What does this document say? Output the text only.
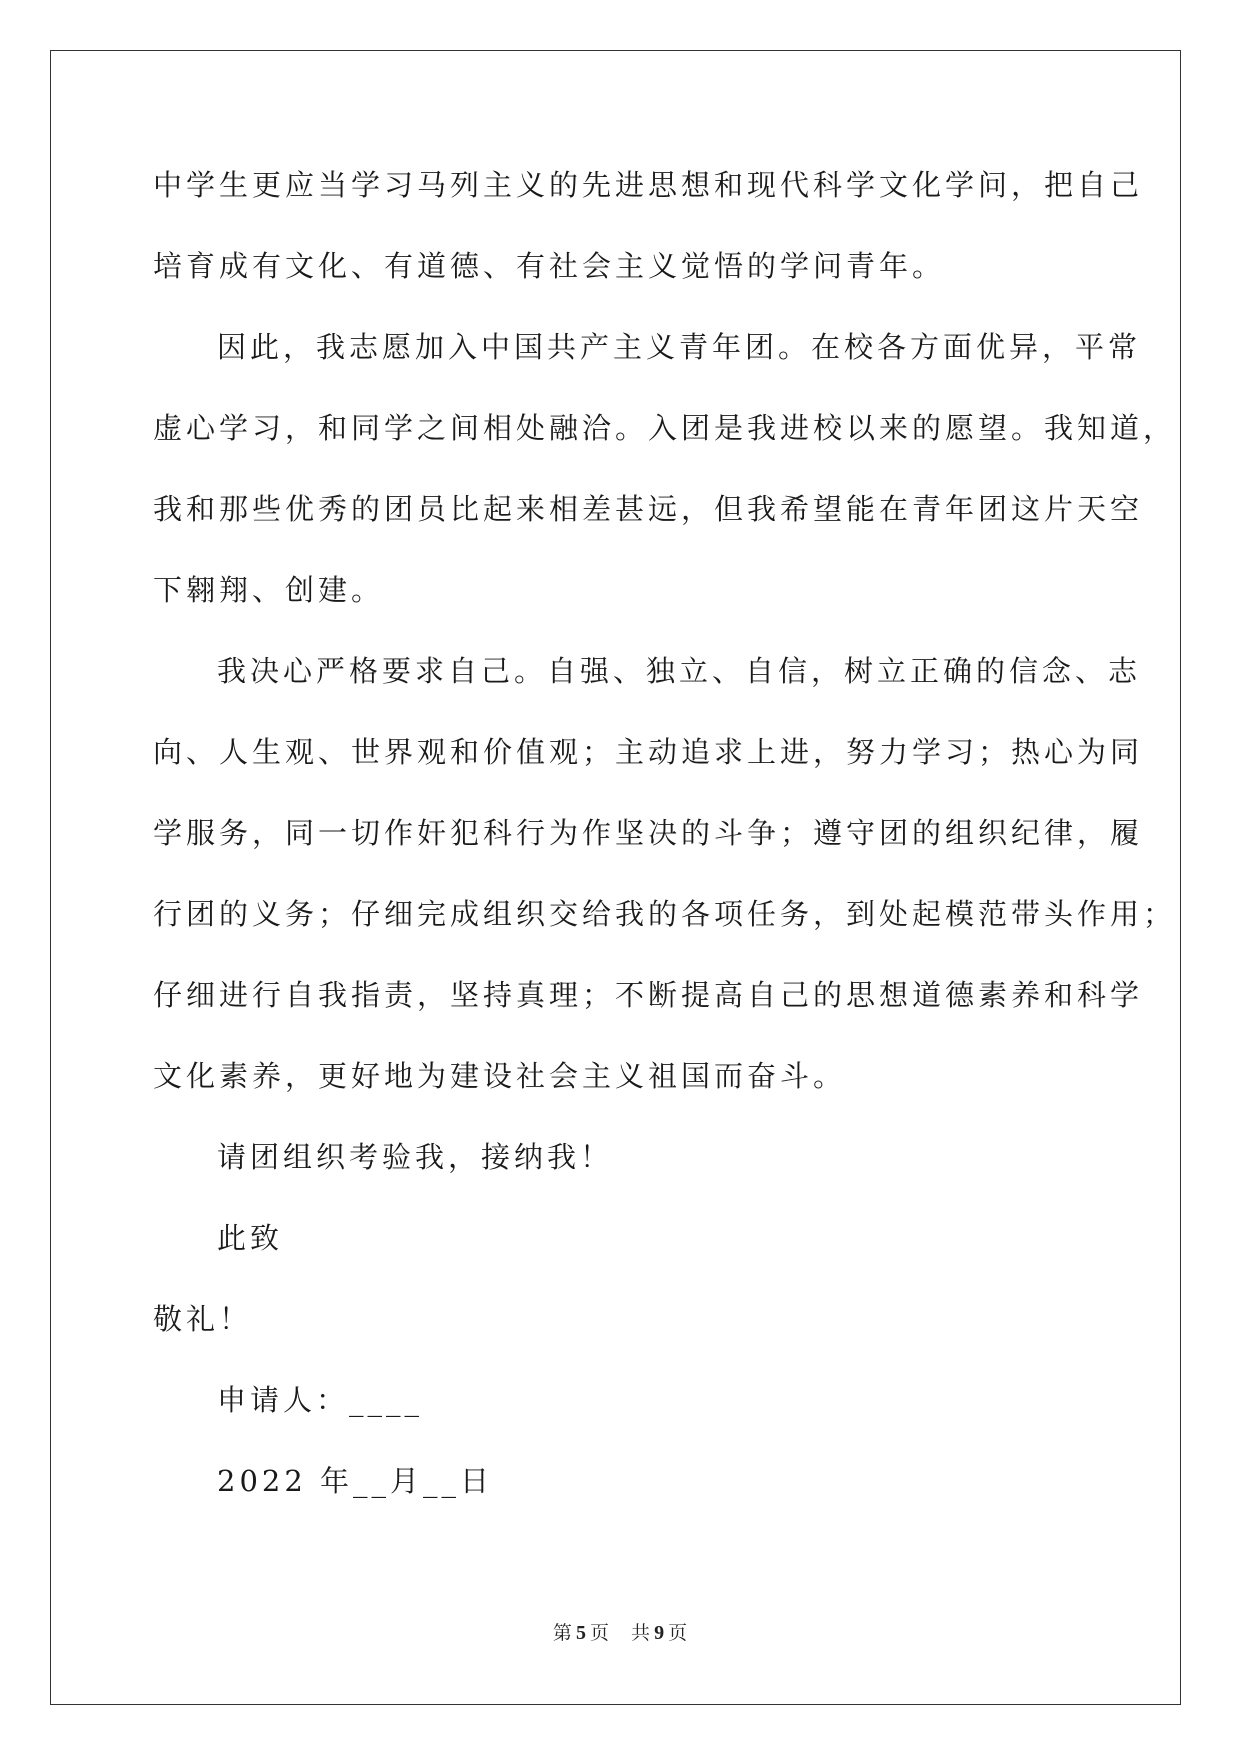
中学生更应当学习马列主义的先进思想和现代科学文化学问，把自己
培育成有文化、有道德、有社会主义觉悟的学问青年。
因此，我志愿加入中国共产主义青年团。在校各方面优异，平常
虚心学习，和同学之间相处融洽。入团是我进校以来的愿望。我知道，
我和那些优秀的团员比起来相差甚远，但我希望能在青年团这片天空
下翱翔、创建。
我决心严格要求自己。自强、独立、自信，树立正确的信念、志
向、人生观、世界观和价值观；主动追求上进，努力学习；热心为同
学服务，同一切作奸犯科行为作坚决的斗争；遵守团的组织纪律，履
行团的义务；仔细完成组织交给我的各项任务，到处起模范带头作用；
仔细进行自我指责，坚持真理；不断提高自己的思想道德素养和科学
文化素养，更好地为建设社会主义祖国而奋斗。
请团组织考验我，接纳我！
此致
敬礼！
申请人：____
2022 年__月__日
第 5 页   共 9 页
